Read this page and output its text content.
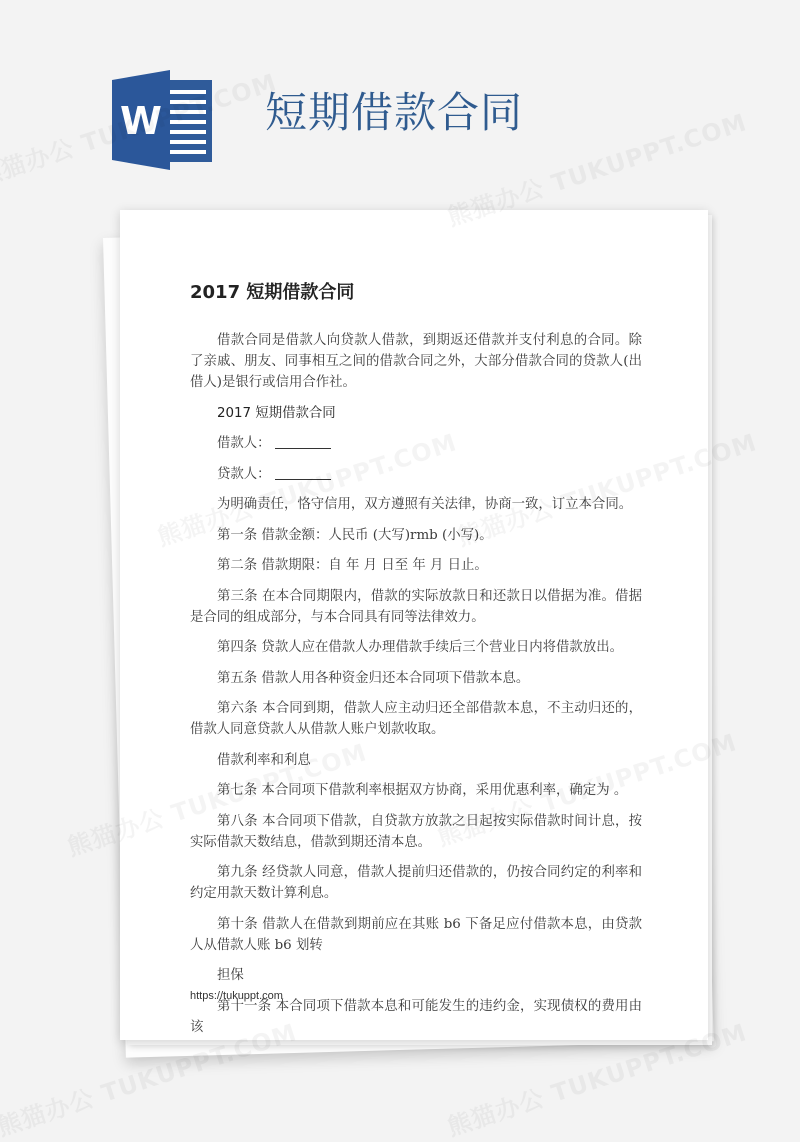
W 短期借款合同
2017 短期借款合同

借款合同是借款人向贷款人借款，到期返还借款并支付利息的合同。除了亲戚、朋友、同事相互之间的借款合同之外，大部分借款合同的贷款人(出借人)是银行或信用合作社。

2017 短期借款合同

借款人：

贷款人：

为明确责任，恪守信用，双方遵照有关法律，协商一致，订立本合同。

第一条 借款金额：人民币 (大写)rmb (小写)。

第二条 借款期限：自 年 月 日至 年 月 日止。

第三条 在本合同期限内，借款的实际放款日和还款日以借据为准。借据是合同的组成部分，与本合同具有同等法律效力。

第四条 贷款人应在借款人办理借款手续后三个营业日内将借款放出。

第五条 借款人用各种资金归还本合同项下借款本息。

第六条 本合同到期，借款人应主动归还全部借款本息，不主动归还的，借款人同意贷款人从借款人账户划款收取。

借款利率和利息

第七条 本合同项下借款利率根据双方协商，采用优惠利率，确定为 。

第八条 本合同项下借款，自贷款方放款之日起按实际借款时间计息，按实际借款天数结息，借款到期还清本息。

第九条 经贷款人同意，借款人提前归还借款的，仍按合同约定的利率和约定用款天数计算利息。

第十条 借款人在借款到期前应在其账 b6 下备足应付借款本息，由贷款人从借款人账 b6 划转

担保

第十一条 本合同项下借款本息和可能发生的违约金，实现债权的费用由该

https://tukuppt.com
